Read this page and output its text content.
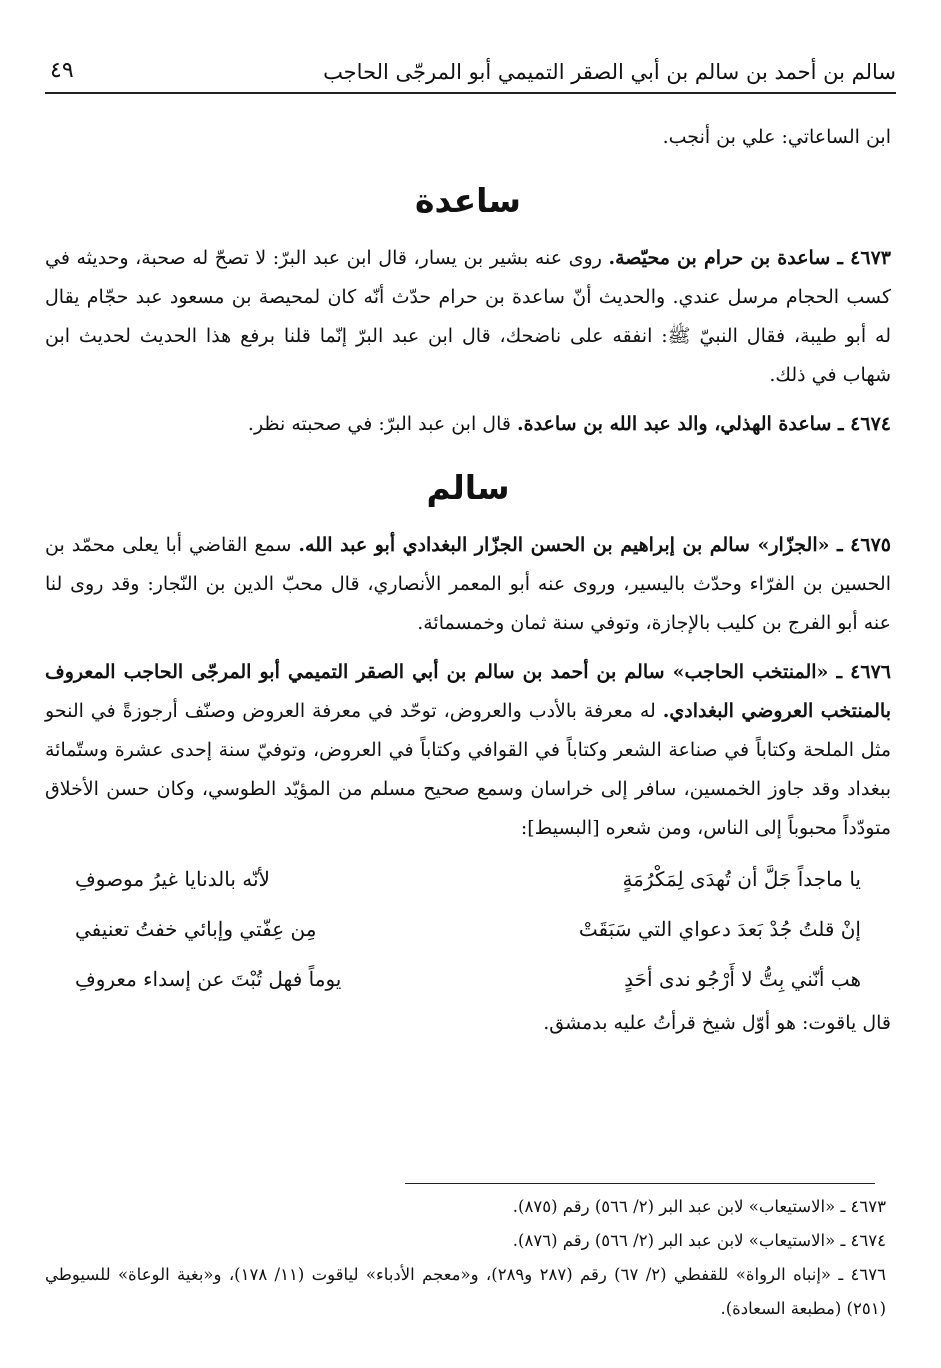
سالم بن أحمد بن سالم بن أبي الصقر التميمي أبو المرجّى الحاجب
٤٩

ابن الساعاتي: علي بن أنجب.

ساعدة

٤٦٧٣ ـ ساعدة بن حرام بن محيّصة. روى عنه بشير بن يسار، قال ابن عبد البرّ: لا تصحّ له صحبة، وحديثه في كسب الحجام مرسل عندي. والحديث أنّ ساعدة بن حرام حدّث أنّه كان لمحيصة بن مسعود عبد حجّام يقال له أبو طيبة، فقال النبيّ ﷺ: انفقه على ناضحك، قال ابن عبد البرّ إنّما قلنا برفع هذا الحديث لحديث ابن شهاب في ذلك.

٤٦٧٤ ـ ساعدة الهذلي، والد عبد الله بن ساعدة. قال ابن عبد البرّ: في صحبته نظر.

سالم

٤٦٧٥ ـ «الجزّار» سالم بن إبراهيم بن الحسن الجزّار البغدادي أبو عبد الله. سمع القاضي أبا يعلى محمّد بن الحسين بن الفرّاء وحدّث باليسير، وروى عنه أبو المعمر الأنصاري، قال محبّ الدين بن النّجار: وقد روى لنا عنه أبو الفرج بن كليب بالإجازة، وتوفي سنة ثمان وخمسمائة.

٤٦٧٦ ـ «المنتخب الحاجب» سالم بن أحمد بن سالم بن أبي الصقر التميمي أبو المرجّى الحاجب المعروف بالمنتخب العروضي البغدادي. له معرفة بالأدب والعروض، توحّد في معرفة العروض وصنّف أرجوزةً في النحو مثل الملحة وكتاباً في صناعة الشعر وكتاباً في القوافي وكتاباً في العروض، وتوفيّ سنة إحدى عشرة وستّمائة ببغداد وقد جاوز الخمسين، سافر إلى خراسان وسمع صحيح مسلم من المؤيّد الطوسي، وكان حسن الأخلاق متودّداً محبوباً إلى الناس، ومن شعره [البسيط]:

يا ماجداً جَلَّ أن تُهدَى لِمَكْرُمَةٍ
لأنّه بالدنايا غيرُ موصوفِ
إنْ قلتُ جُدْ بَعدَ دعواي التي سَبَقَتْ
مِن عِفّتي وإبائي خفتُ تعنيفي
هب أنّني بِتُّ لا أَرْجُو ندى أحَدٍ
يوماً فهل تُبْتَ عن إسداء معروفِ

قال ياقوت: هو أوّل شيخ قرأتُ عليه بدمشق.

٤٦٧٣ ـ «الاستيعاب» لابن عبد البر (٢/ ٥٦٦) رقم (٨٧٥).

٤٦٧٤ ـ «الاستيعاب» لابن عبد البر (٢/ ٥٦٦) رقم (٨٧٦).

٤٦٧٦ ـ «إنباه الرواة» للقفطي (٢/ ٦٧) رقم (٢٨٧ و٢٨٩)، و«معجم الأدباء» لياقوت (١١/ ١٧٨)، و«بغية الوعاة» للسيوطي (٢٥١) (مطبعة السعادة).
